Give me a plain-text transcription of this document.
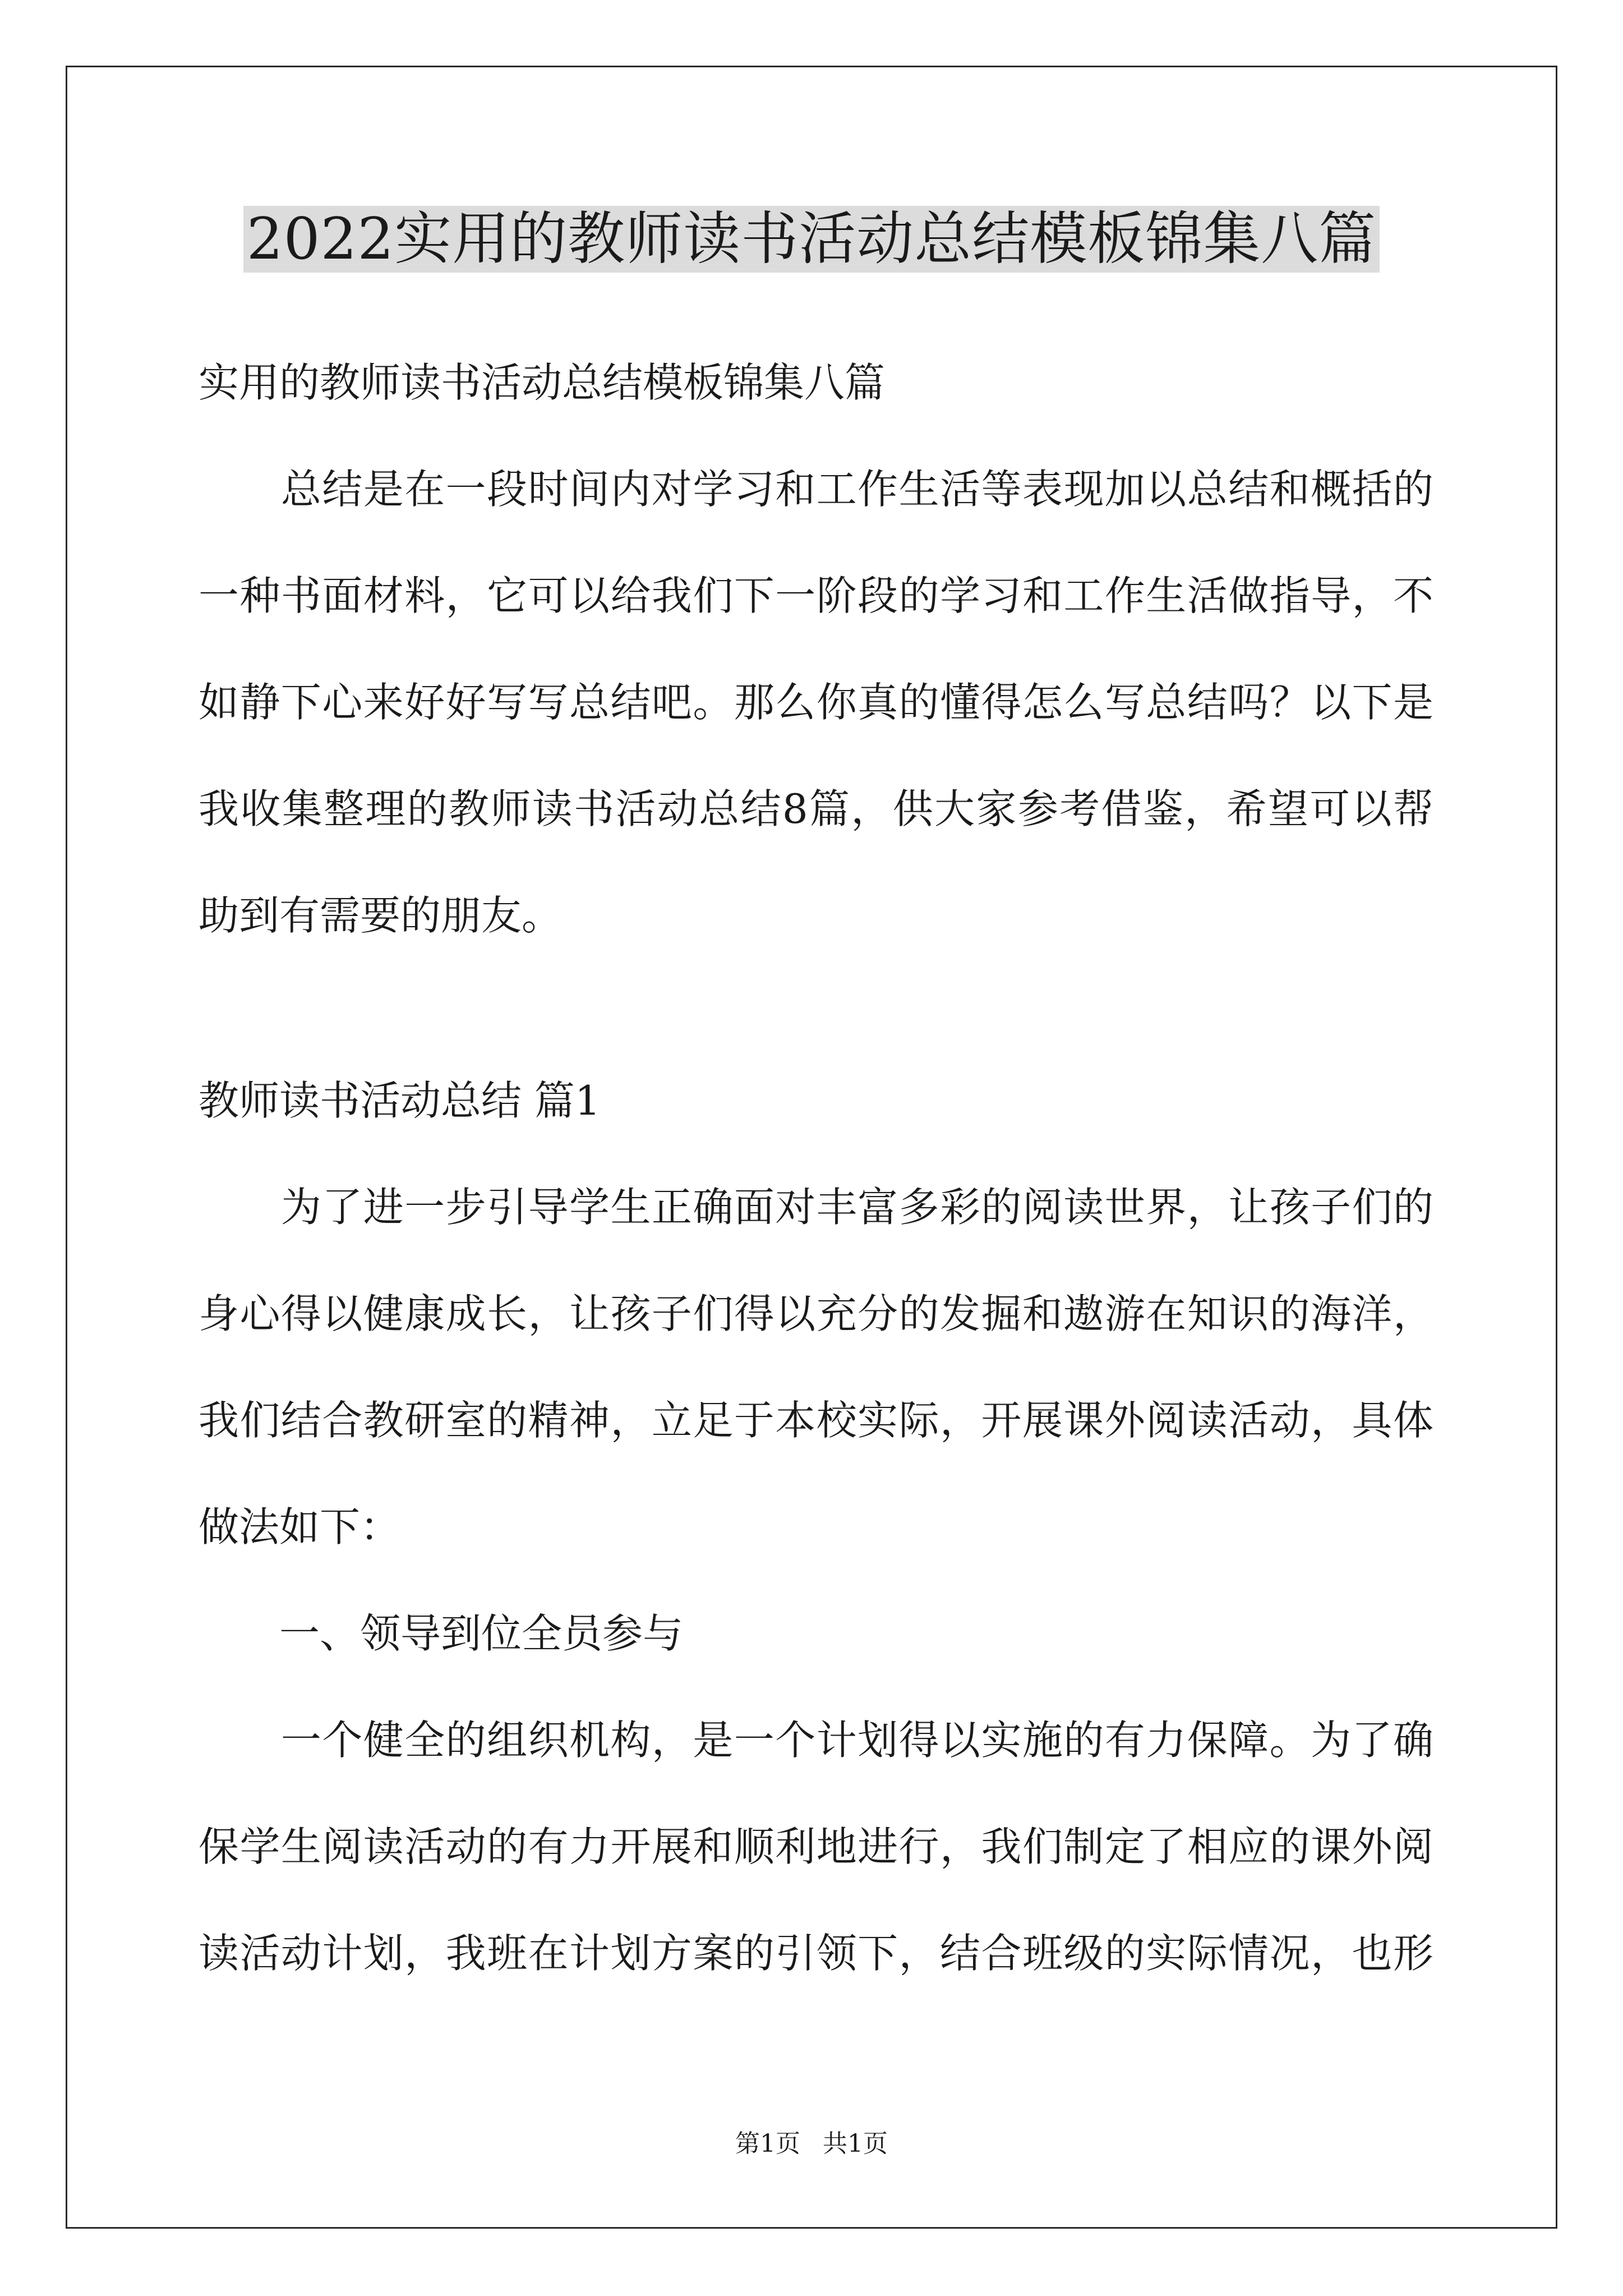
2022实用的教师读书活动总结模板锦集八篇
实用的教师读书活动总结模板锦集八篇
　　总结是在一段时间内对学习和工作生活等表现加以总结和概括的
一种书面材料，它可以给我们下一阶段的学习和工作生活做指导，不
如静下心来好好写写总结吧。那么你真的懂得怎么写总结吗？以下是
我收集整理的教师读书活动总结8篇，供大家参考借鉴，希望可以帮
助到有需要的朋友。
教师读书活动总结 篇1
　　为了进一步引导学生正确面对丰富多彩的阅读世界，让孩子们的
身心得以健康成长，让孩子们得以充分的发掘和遨游在知识的海洋，
我们结合教研室的精神，立足于本校实际，开展课外阅读活动，具体
做法如下：
　　一、领导到位全员参与
　　一个健全的组织机构，是一个计划得以实施的有力保障。为了确
保学生阅读活动的有力开展和顺利地进行，我们制定了相应的课外阅
读活动计划，我班在计划方案的引领下，结合班级的实际情况，也形
第1页 共1页
